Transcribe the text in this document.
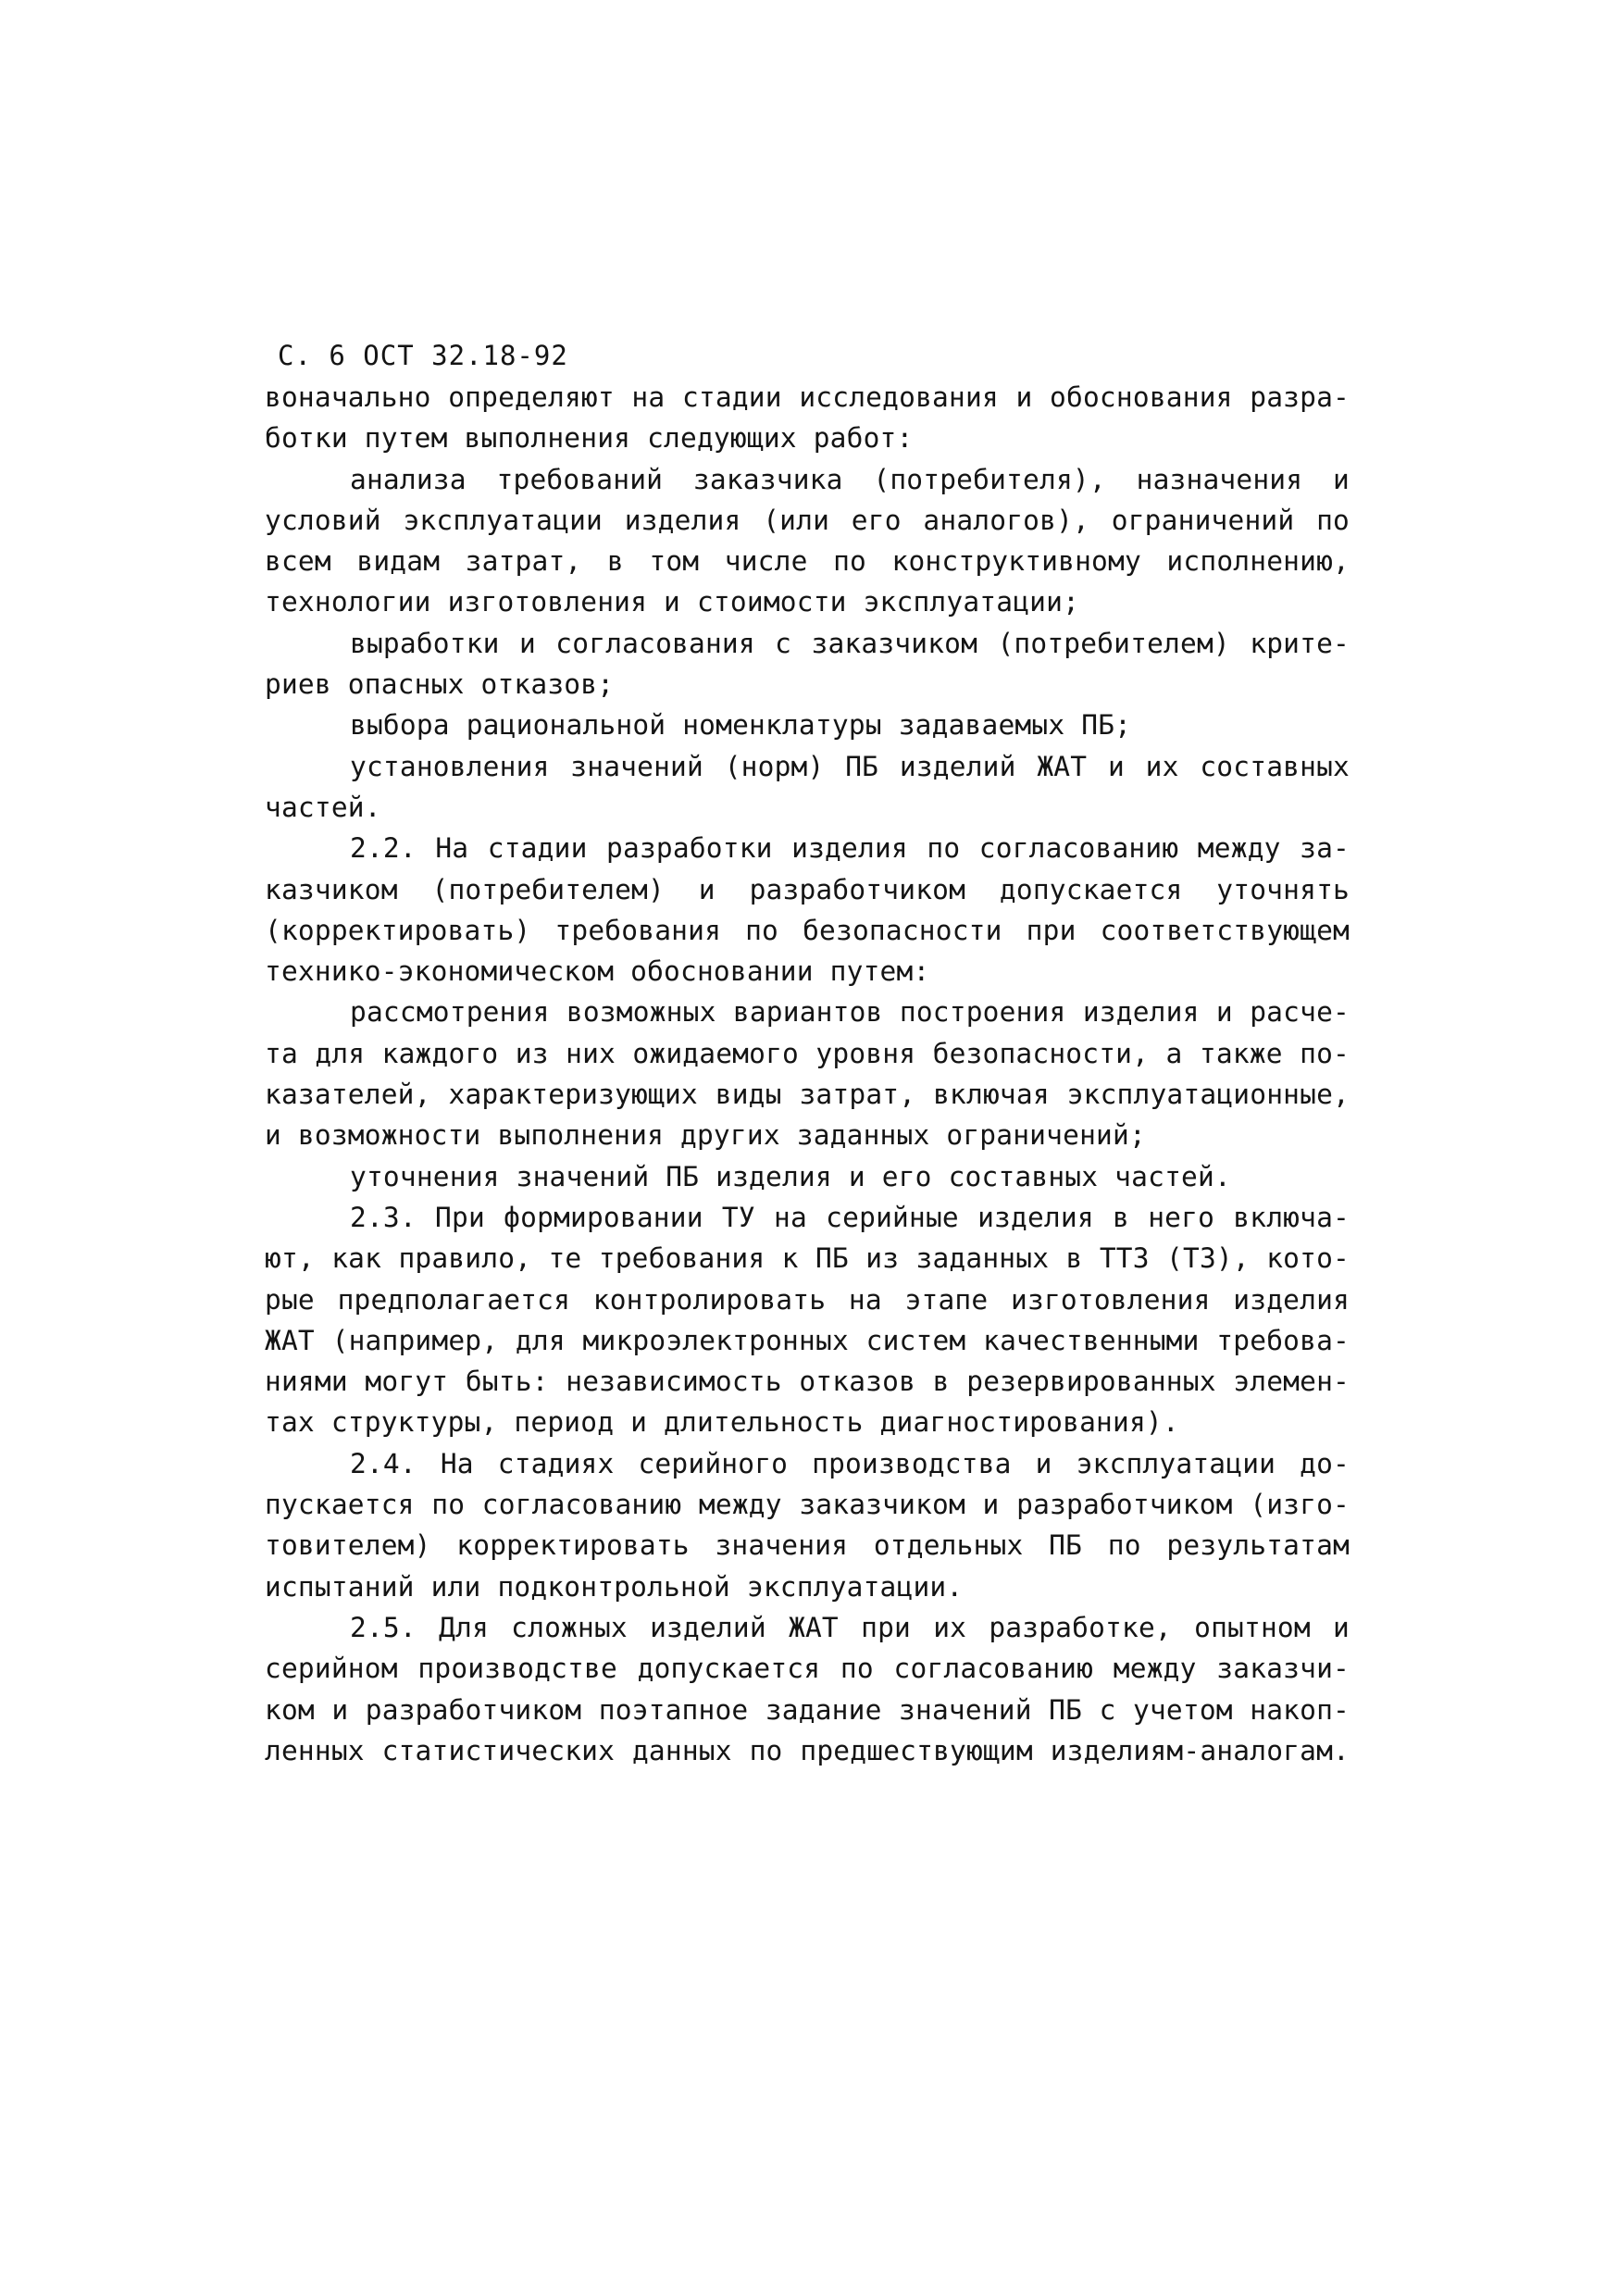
С. 6 ОСТ 32.18-92
воначально определяют на стадии исследования и обоснования разра-
ботки путем выполнения следующих работ:
анализа требований заказчика (потребителя), назначения и
условий эксплуатации изделия (или его аналогов), ограничений по
всем видам затрат, в том числе по конструктивному исполнению,
технологии изготовления и стоимости эксплуатации;
выработки и согласования с заказчиком (потребителем) крите-
риев опасных отказов;
выбора рациональной номенклатуры задаваемых ПБ;
установления значений (норм) ПБ изделий ЖАТ и их составных
частей.
2.2. На стадии разработки изделия по согласованию между за-
казчиком (потребителем) и разработчиком допускается уточнять
(корректировать) требования по безопасности при соответствующем
технико-экономическом обосновании путем:
рассмотрения возможных вариантов построения изделия и расче-
та для каждого из них ожидаемого уровня безопасности, а также по-
казателей, характеризующих виды затрат, включая эксплуатационные,
и возможности выполнения других заданных ограничений;
уточнения значений ПБ изделия и его составных частей.
2.3. При формировании ТУ на серийные изделия в него включа-
ют, как правило, те требования к ПБ из заданных в ТТЗ (ТЗ), кото-
рые предполагается контролировать на этапе изготовления изделия
ЖАТ (например, для микроэлектронных систем качественными требова-
ниями могут быть: независимость отказов в резервированных элемен-
тах структуры, период и длительность диагностирования).
2.4. На стадиях серийного производства и эксплуатации до-
пускается по согласованию между заказчиком и разработчиком (изго-
товителем) корректировать значения отдельных ПБ по результатам
испытаний или подконтрольной эксплуатации.
2.5. Для сложных изделий ЖАТ при их разработке, опытном и
серийном производстве допускается по согласованию между заказчи-
ком и разработчиком поэтапное задание значений ПБ с учетом накоп-
ленных статистических данных по предшествующим изделиям-аналогам.
